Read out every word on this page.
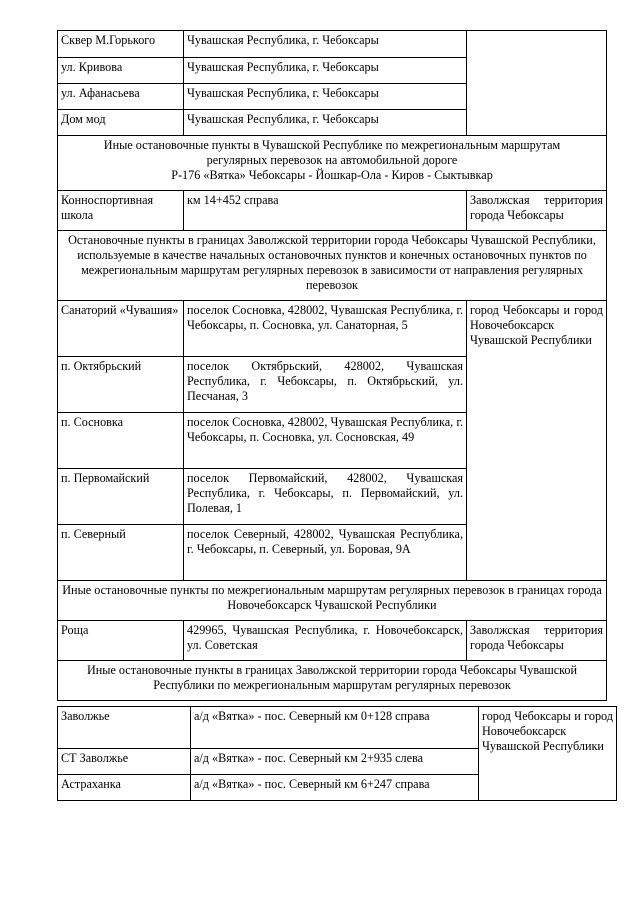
Сквер М.Горького	Чувашская Республика, г. Чебоксары	
ул. Кривова	Чувашская Республика, г. Чебоксары	
ул. Афанасьева	Чувашская Республика, г. Чебоксары	
Дом мод	Чувашская Республика, г. Чебоксары	

Иные остановочные пункты в Чувашской Республике по межрегиональным маршрутам регулярных перевозок на автомобильной дороге
Р-176 «Вятка» Чебоксары - Йошкар-Ола - Киров - Сыктывкар		

Конноспортивная школа	км 14+452 справа	Заволжская территория города Чебоксары
Остановочные пункты в границах Заволжской территории города Чебоксары Чувашской Республики, используемые в качестве начальных остановочных пунктов и конечных остановочных пунктов по межрегиональным маршрутам регулярных перевозок в зависимости от направления регулярных перевозок		
Санаторий «Чувашия»	поселок Сосновка, 428002, Чувашская Республика, г. Чебоксары, п. Сосновка, ул. Санаторная, 5	город Чебоксары и город Новочебоксарск Чувашской Республики
п. Октябрьский	поселок Октябрьский, 428002, Чувашская Республика, г. Чебоксары, п. Октябрьский, ул. Песчаная, 3	
п. Сосновка	поселок Сосновка, 428002, Чувашская Республика, г. Чебоксары, п. Сосновка, ул. Сосновская, 49	
п. Первомайский	поселок Первомайский, 428002, Чувашская Республика, г. Чебоксары, п. Первомайский, ул. Полевая, 1	
п. Северный	поселок Северный, 428002, Чувашская Республика, г. Чебоксары, п. Северный, ул. Боровая, 9А	
Иные остановочные пункты по межрегиональным маршрутам регулярных перевозок в границах города Новочебоксарск Чувашской Республики		
Роща	429965, Чувашская Республика, г. Новочебоксарск, ул. Советская	Заволжская территория города Чебоксары
Иные остановочные пункты в границах Заволжской территории города Чебоксары Чувашской Республики по межрегиональным маршрутам регулярных перевозок		
Заволжье	а/д «Вятка» - пос. Северный км 0+128 справа	город Чебоксары и город Новочебоксарск Чувашской Республики
СТ Заволжье	а/д «Вятка» - пос. Северный км 2+935 слева	
Астраханка	а/д «Вятка» - пос. Северный км 6+247 справа	
